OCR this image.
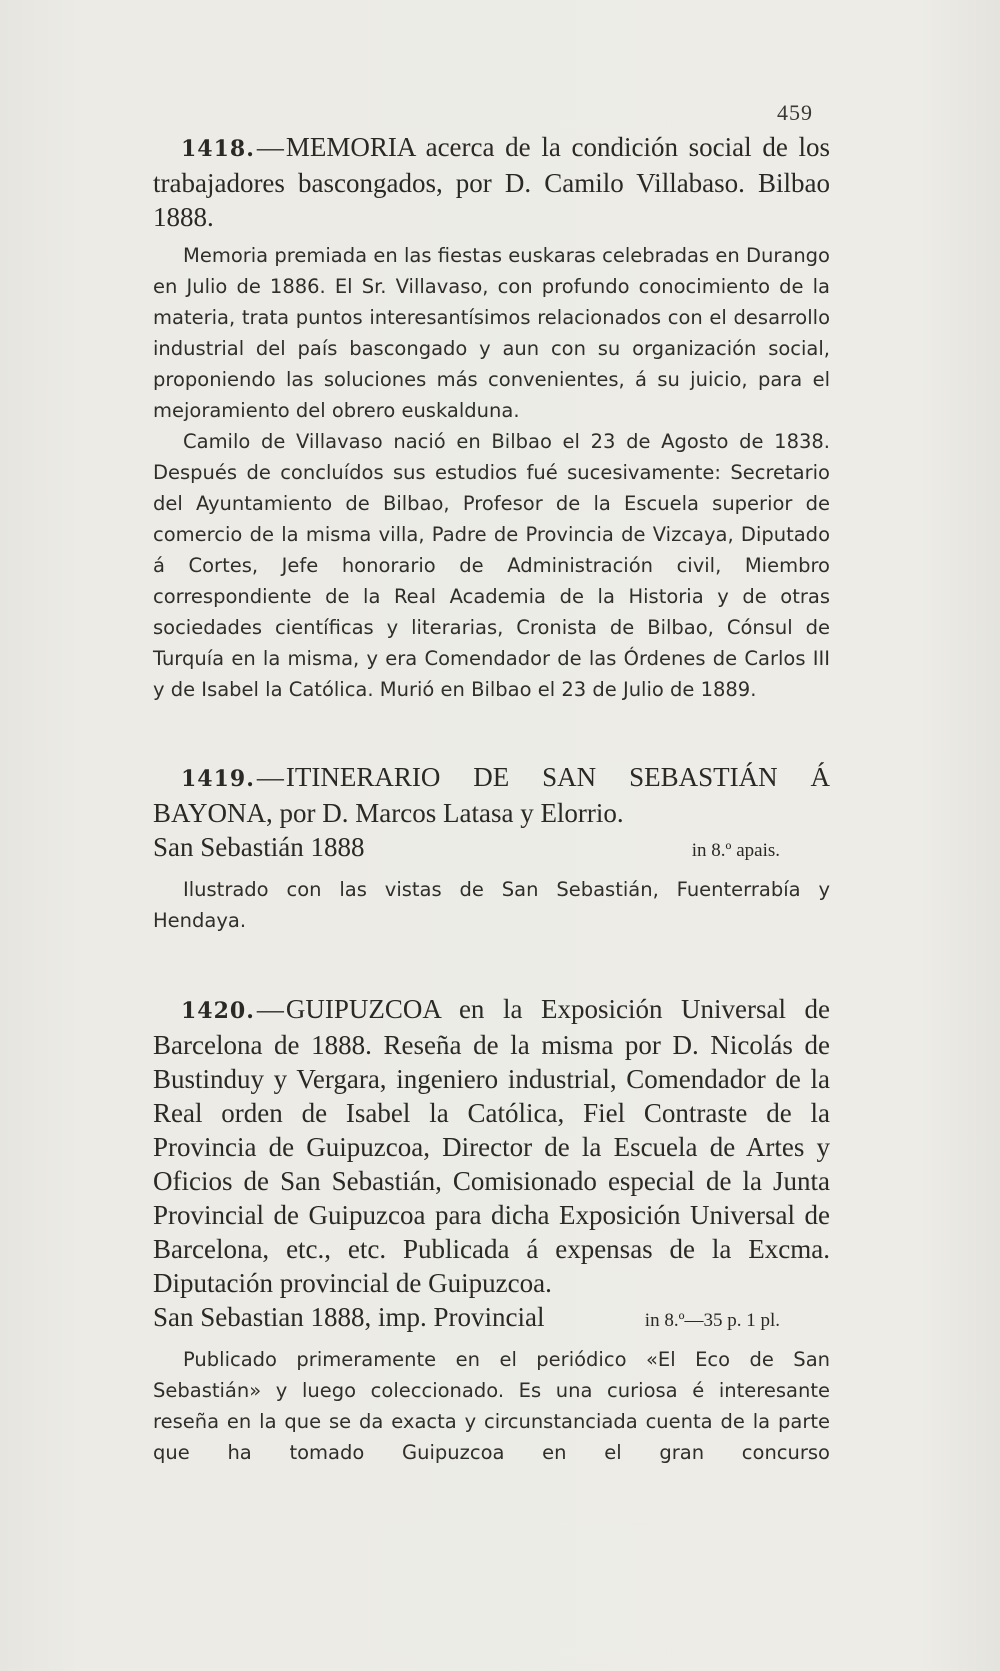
459

1418.—MEMORIA acerca de la condición social de los trabajadores bascongados, por D. Camilo Villabaso. Bilbao 1888.

Memoria premiada en las fiestas euskaras celebradas en Durango en Julio de 1886. El Sr. Villavaso, con profundo conocimiento de la materia, trata puntos interesantísimos relacionados con el desarrollo industrial del país bascongado y aun con su organización social, proponiendo las soluciones más convenientes, á su juicio, para el mejoramiento del obrero euskalduna.

Camilo de Villavaso nació en Bilbao el 23 de Agosto de 1838. Después de concluídos sus estudios fué sucesivamente: Secretario del Ayuntamiento de Bilbao, Profesor de la Escuela superior de comercio de la misma villa, Padre de Provincia de Vizcaya, Diputado á Cortes, Jefe honorario de Administración civil, Miembro correspondiente de la Real Academia de la Historia y de otras sociedades científicas y literarias, Cronista de Bilbao, Cónsul de Turquía en la misma, y era Comendador de las Órdenes de Carlos III y de Isabel la Católica. Murió en Bilbao el 23 de Julio de 1889.

1419.—ITINERARIO DE SAN SEBASTIÁN Á BAYONA, por D. Marcos Latasa y Elorrio.

San Sebastián 1888	in 8.º apais.

Ilustrado con las vistas de San Sebastián, Fuenterrabía y Hendaya.

1420.—GUIPUZCOA en la Exposición Universal de Barcelona de 1888. Reseña de la misma por D. Nicolás de Bustinduy y Vergara, ingeniero industrial, Comendador de la Real orden de Isabel la Católica, Fiel Contraste de la Provincia de Guipuzcoa, Director de la Escuela de Artes y Oficios de San Sebastián, Comisionado especial de la Junta Provincial de Guipuzcoa para dicha Exposición Universal de Barcelona, etc., etc. Publicada á expensas de la Excma. Diputación provincial de Guipuzcoa.

San Sebastian 1888, imp. Provincial	in 8.º—35 p. 1 pl.

Publicado primeramente en el periódico «El Eco de San Sebastián» y luego coleccionado. Es una curiosa é interesante reseña en la que se da exacta y circunstanciada cuenta de la parte que ha tomado Guipuzcoa en el gran concurso
